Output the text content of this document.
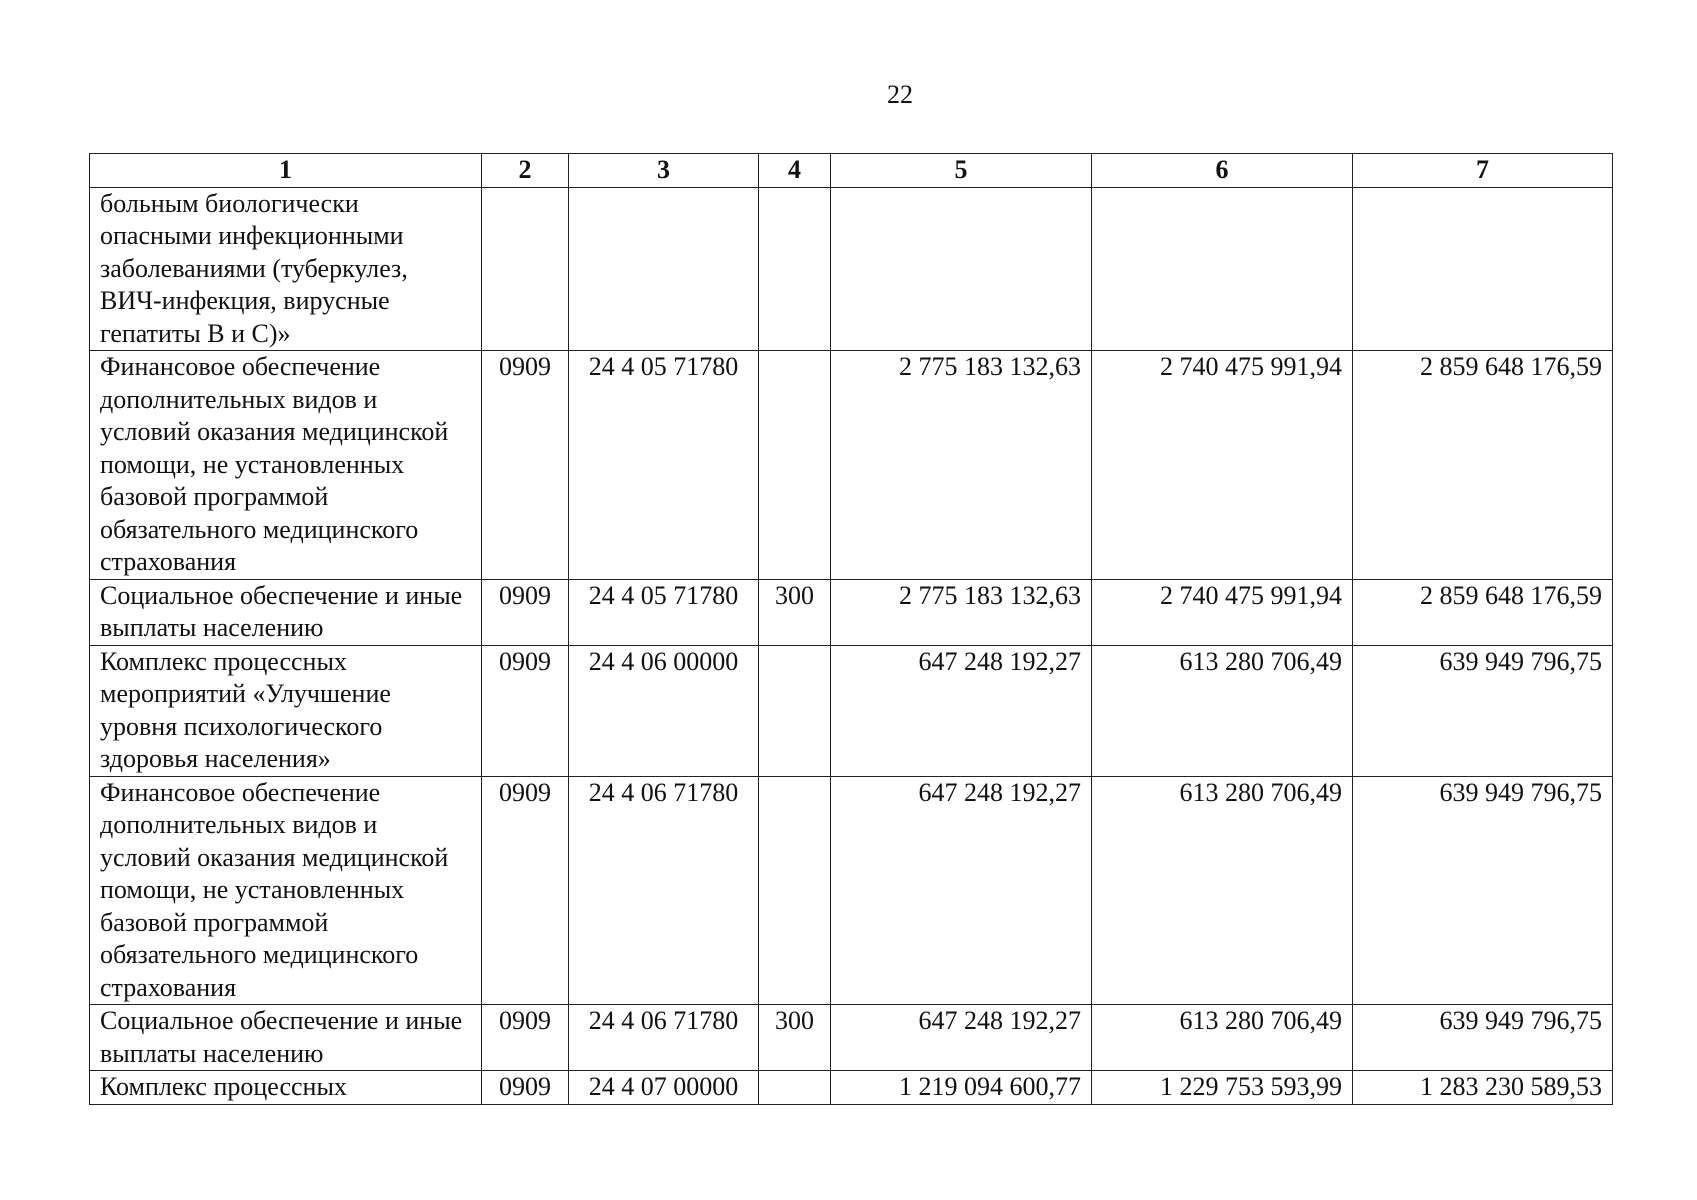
22
1	2	3	4	5	6	7
больным биологически опасными инфекционными заболеваниями (туберкулез, ВИЧ-инфекция, вирусные гепатиты В и С)»						
Финансовое обеспечение дополнительных видов и условий оказания медицинской помощи, не установленных базовой программой обязательного медицинского страхования	0909	24 4 05 71780		2 775 183 132,63	2 740 475 991,94	2 859 648 176,59
Социальное обеспечение и иные выплаты населению	0909	24 4 05 71780	300	2 775 183 132,63	2 740 475 991,94	2 859 648 176,59
Комплекс процессных мероприятий «Улучшение уровня психологического здоровья населения»	0909	24 4 06 00000		647 248 192,27	613 280 706,49	639 949 796,75
Финансовое обеспечение дополнительных видов и условий оказания медицинской помощи, не установленных базовой программой обязательного медицинского страхования	0909	24 4 06 71780		647 248 192,27	613 280 706,49	639 949 796,75
Социальное обеспечение и иные выплаты населению	0909	24 4 06 71780	300	647 248 192,27	613 280 706,49	639 949 796,75
Комплекс процессных	0909	24 4 07 00000		1 219 094 600,77	1 229 753 593,99	1 283 230 589,53
